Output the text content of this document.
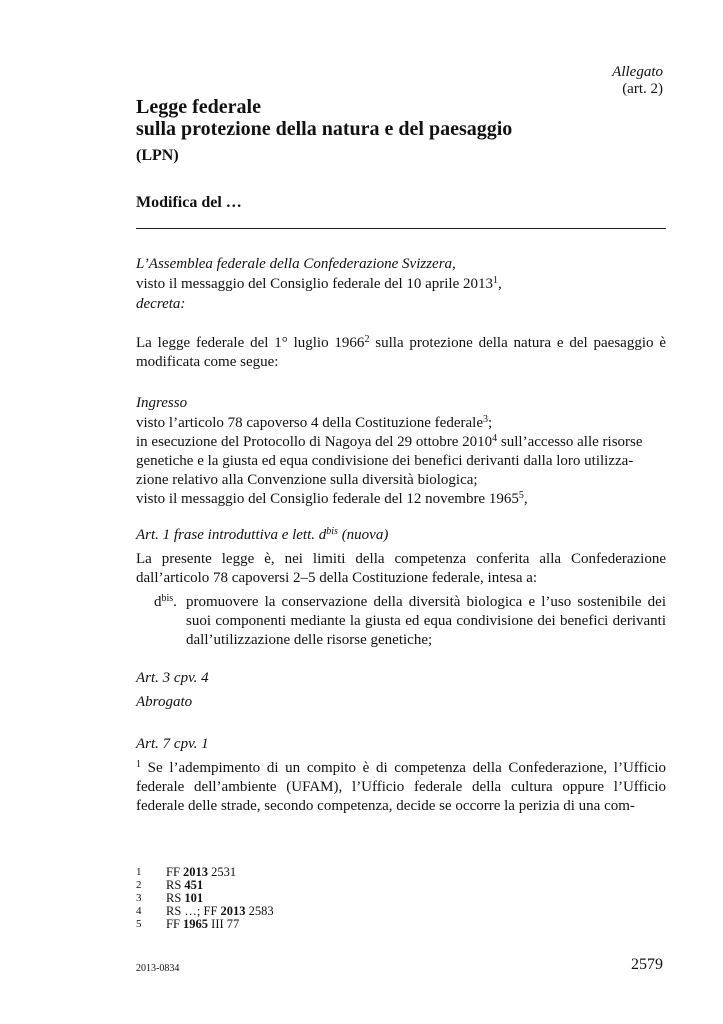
Allegato
(art. 2)
Legge federale
sulla protezione della natura e del paesaggio
(LPN)
Modifica del …
L’Assemblea federale della Confederazione Svizzera,
visto il messaggio del Consiglio federale del 10 aprile 2013$^1$,
decreta:
La legge federale del 1° luglio 1966$^2$ sulla protezione della natura e del paesaggio è modificata come segue:
Ingresso
visto l’articolo 78 capoverso 4 della Costituzione federale$^3$;
in esecuzione del Protocollo di Nagoya del 29 ottobre 2010$^4$ sull’accesso alle risorse
genetiche e la giusta ed equa condivisione dei benefici derivanti dalla loro utilizza-
zione relativo alla Convenzione sulla diversità biologica;
visto il messaggio del Consiglio federale del 12 novembre 1965$^5$,
Art. 1 frase introduttiva e lett. $d^{bis}$ (nuova)
La presente legge è, nei limiti della competenza conferita alla Confederazione dall’articolo 78 capoversi 2–5 della Costituzione federale, intesa a:
$d^{bis}$. promuovere la conservazione della diversità biologica e l’uso sostenibile dei suoi componenti mediante la giusta ed equa condivisione dei benefici derivanti dall’utilizzazione delle risorse genetiche;
Art. 3 cpv. 4
Abrogato
Art. 7 cpv. 1
$^1$ Se l’adempimento di un compito è di competenza della Confederazione, l’Ufficio federale dell’ambiente (UFAM), l’Ufficio federale della cultura oppure l’Ufficio federale delle strade, secondo competenza, decide se occorre la perizia di una com-
1 FF 2013 2531
2 RS 451
3 RS 101
4 RS …; FF 2013 2583
5 FF 1965 III 77
2013-0834	2579
